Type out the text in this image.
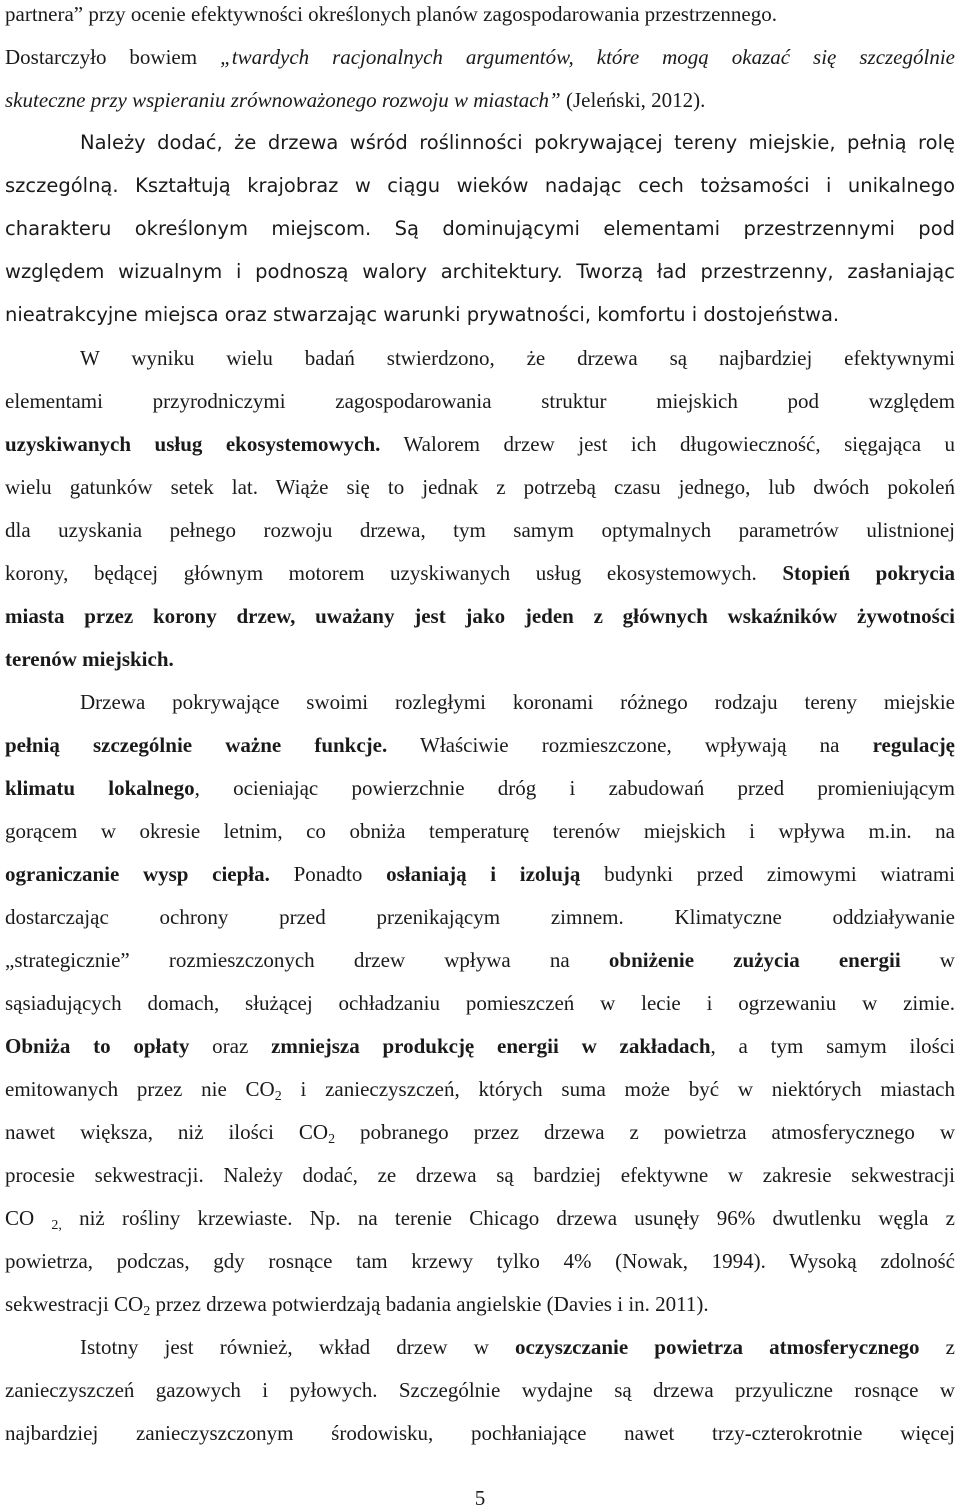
partnera” przy ocenie efektywności określonych planów zagospodarowania przestrzennego.
Dostarczyło bowiem „twardych racjonalnych argumentów, które mogą okazać się szczególnie
skuteczne przy wspieraniu zrównoważonego rozwoju w miastach” (Jeleński, 2012).
Należy dodać, że drzewa wśród roślinności pokrywającej tereny miejskie, pełnią rolę
szczególną. Kształtują krajobraz w ciągu wieków nadając cech tożsamości i unikalnego
charakteru określonym miejscom. Są dominującymi elementami przestrzennymi pod
względem wizualnym i podnoszą walory architektury. Tworzą ład przestrzenny, zasłaniając
nieatrakcyjne miejsca oraz stwarzając warunki prywatności, komfortu i dostojeństwa.
W wyniku wielu badań stwierdzono, że drzewa są najbardziej efektywnymi
elementami przyrodniczymi zagospodarowania struktur miejskich pod względem
uzyskiwanych usług ekosystemowych. Walorem drzew jest ich długowieczność, sięgająca u
wielu gatunków setek lat. Wiąże się to jednak z potrzebą czasu jednego, lub dwóch pokoleń
dla uzyskania pełnego rozwoju drzewa, tym samym optymalnych parametrów ulistnionej
korony, będącej głównym motorem uzyskiwanych usług ekosystemowych. Stopień pokrycia
miasta przez korony drzew, uważany jest jako jeden z głównych wskaźników żywotności
terenów miejskich.
Drzewa pokrywające swoimi rozległymi koronami różnego rodzaju tereny miejskie
pełnią szczególnie ważne funkcje. Właściwie rozmieszczone, wpływają na regulację
klimatu lokalnego, ocieniając powierzchnie dróg i zabudowań przed promieniującym
gorącem w okresie letnim, co obniża temperaturę terenów miejskich i wpływa m.in. na
ograniczanie wysp ciepła. Ponadto osłaniają i izolują budynki przed zimowymi wiatrami
dostarczając ochrony przed przenikającym zimnem. Klimatyczne oddziaływanie
„strategicznie” rozmieszczonych drzew wpływa na obniżenie zużycia energii w
sąsiadujących domach, służącej ochładzaniu pomieszczeń w lecie i ogrzewaniu w zimie.
Obniża to opłaty oraz zmniejsza produkcję energii w zakładach, a tym samym ilości
emitowanych przez nie $CO_2$ i zanieczyszczeń, których suma może być w niektórych miastach
nawet większa, niż ilości $CO_2$ pobranego przez drzewa z powietrza atmosferycznego w
procesie sekwestracji. Należy dodać, ze drzewa są bardziej efektywne w zakresie sekwestracji
CO $_{2,}$ niż rośliny krzewiaste. Np. na terenie Chicago drzewa usunęły 96% dwutlenku węgla z
powietrza, podczas, gdy rosnące tam krzewy tylko 4% (Nowak, 1994). Wysoką zdolność
sekwestracji $CO_2$ przez drzewa potwierdzają badania angielskie (Davies i in. 2011).
Istotny jest również, wkład drzew w oczyszczanie powietrza atmosferycznego z
zanieczyszczeń gazowych i pyłowych. Szczególnie wydajne są drzewa przyuliczne rosnące w
najbardziej zanieczyszczonym środowisku, pochłaniające nawet trzy-czterokrotnie więcej
5
